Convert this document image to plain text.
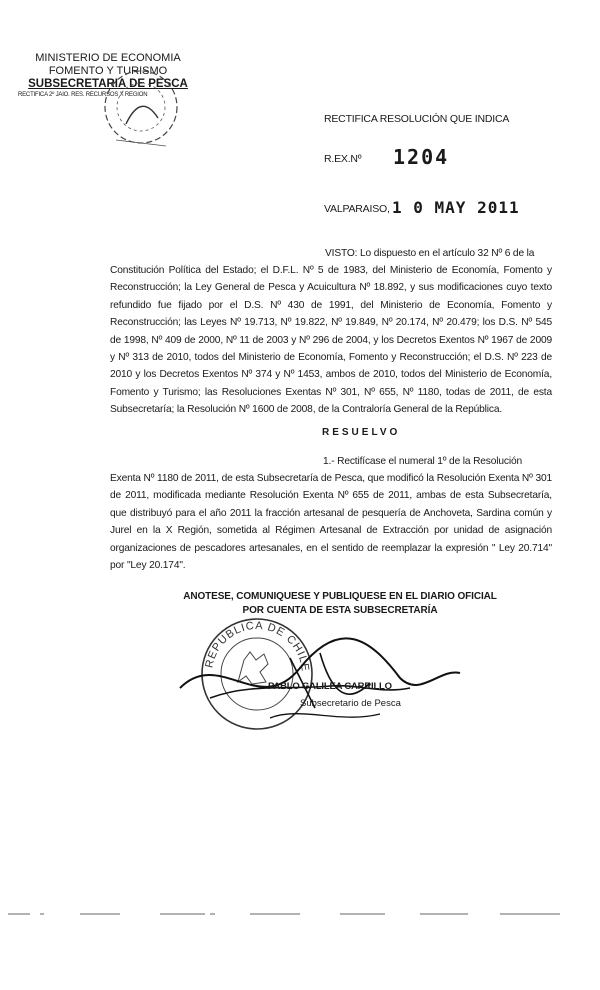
MINISTERIO DE ECONOMIA
FOMENTO Y TURISMO
SUBSECRETARIA DE PESCA
RECTIFICA 2º JAIO. RES. RECURSOS X REGION
RECTIFICA RESOLUCIÓN QUE INDICA
R.EX.Nº 1204
VALPARAISO, 1 0 MAY 2011
VISTO: Lo dispuesto en el artículo 32 Nº 6 de la
Constitución Política del Estado; el D.F.L. Nº 5 de 1983, del Ministerio de Economía, Fomento y Reconstrucción; la Ley General de Pesca y Acuicultura Nº 18.892, y sus modificaciones cuyo texto refundido fue fijado por el D.S. Nº 430 de 1991, del Ministerio de Economía, Fomento y Reconstrucción; las Leyes Nº 19.713, Nº 19.822, Nº 19.849, Nº 20.174, Nº 20.479; los D.S. Nº 545 de 1998, Nº 409 de 2000, Nº 11 de 2003 y Nº 296 de 2004, y los Decretos Exentos Nº 1967 de 2009 y Nº 313 de 2010, todos del Ministerio de Economía, Fomento y Reconstrucción; el D.S. Nº 223 de 2010 y los Decretos Exentos Nº 374 y Nº 1453, ambos de 2010, todos del Ministerio de Economía, Fomento y Turismo; las Resoluciones Exentas Nº 301, Nº 655, Nº 1180, todas de 2011, de esta Subsecretaría; la Resolución Nº 1600 de 2008, de la Contraloría General de la República.
RESUELVO
1.- Rectifícase el numeral 1º de la Resolución
Exenta Nº 1180 de 2011, de esta Subsecretaría de Pesca, que modificó la Resolución Exenta Nº 301 de 2011, modificada mediante Resolución Exenta Nº 655 de 2011, ambas de esta Subsecretaría, que distribuyó para el año 2011 la fracción artesanal de pesquería de Anchoveta, Sardina común y Jurel en la X Región, sometida al Régimen Artesanal de Extracción por unidad de asignación organizaciones de pescadores artesanales, en el sentido de reemplazar la expresión " Ley 20.714" por "Ley 20.174".
ANOTESE, COMUNIQUESE Y PUBLIQUESE EN EL DIARIO OFICIAL
POR CUENTA DE ESTA SUBSECRETARÍA
REPUBLICA DE CHILE
PABLO GALILEA CARRILLO
Subsecretario de Pesca
